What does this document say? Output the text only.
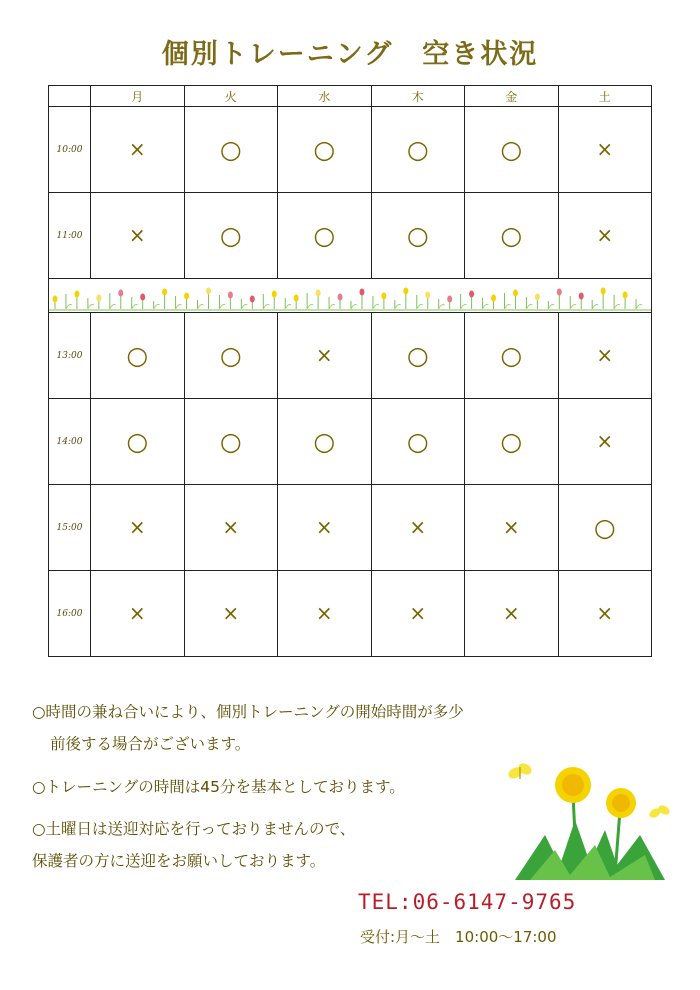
個別トレーニング　空き状況
	月	火	水	木	金	土
10:00	×	○	○	○	○	×
11:00	×	○	○	○	○	×

13:00	○	○	×	○	○	×
14:00	○	○	○	○	○	×
15:00	×	×	×	×	×	○
16:00	×	×	×	×	×	×
○時間の兼ね合いにより、個別トレーニングの開始時間が多少
前後する場合がございます。
○トレーニングの時間は45分を基本としております。
○土曜日は送迎対応を行っておりませんので、
保護者の方に送迎をお願いしております。
TEL:06-6147-9765
受付:月～土　10:00～17:00
